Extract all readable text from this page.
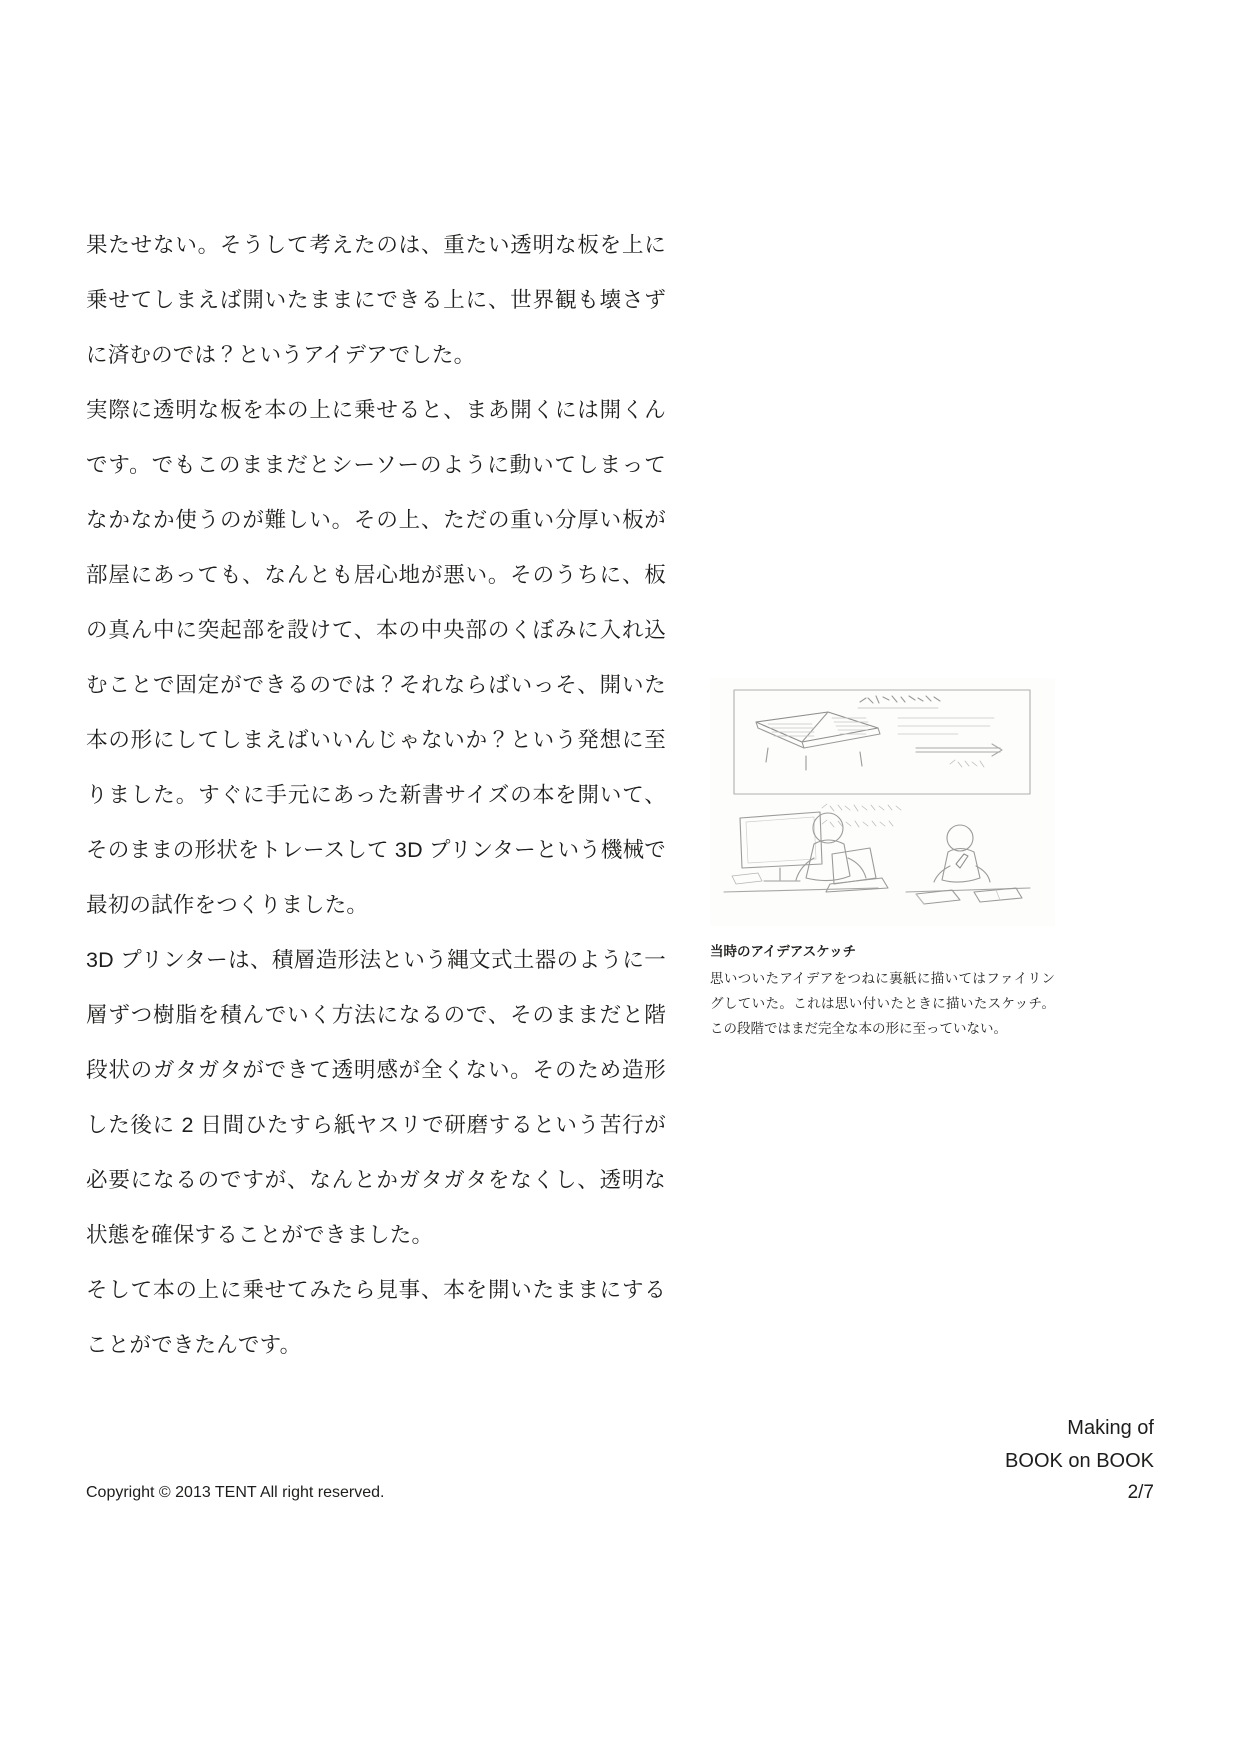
果たせない。そうして考えたのは、重たい透明な板を上に乗せてしまえば開いたままにできる上に、世界観も壊さずに済むのでは？というアイデアでした。

実際に透明な板を本の上に乗せると、まあ開くには開くんです。でもこのままだとシーソーのように動いてしまってなかなか使うのが難しい。その上、ただの重い分厚い板が部屋にあっても、なんとも居心地が悪い。そのうちに、板の真ん中に突起部を設けて、本の中央部のくぼみに入れ込むことで固定ができるのでは？それならばいっそ、開いた本の形にしてしまえばいいんじゃないか？という発想に至りました。すぐに手元にあった新書サイズの本を開いて、そのままの形状をトレースして 3D プリンターという機械で最初の試作をつくりました。

3D プリンターは、積層造形法という縄文式土器のように一層ずつ樹脂を積んでいく方法になるので、そのままだと階段状のガタガタができて透明感が全くない。そのため造形した後に 2 日間ひたすら紙ヤスリで研磨するという苦行が必要になるのですが、なんとかガタガタをなくし、透明な状態を確保することができました。

そして本の上に乗せてみたら見事、本を開いたままにすることができたんです。

当時のアイデアスケッチ
思いついたアイデアをつねに裏紙に描いてはファイリングしていた。これは思い付いたときに描いたスケッチ。この段階ではまだ完全な本の形に至っていない。
Making of
BOOK on BOOK
2/7
Copyright © 2013 TENT All right reserved.
